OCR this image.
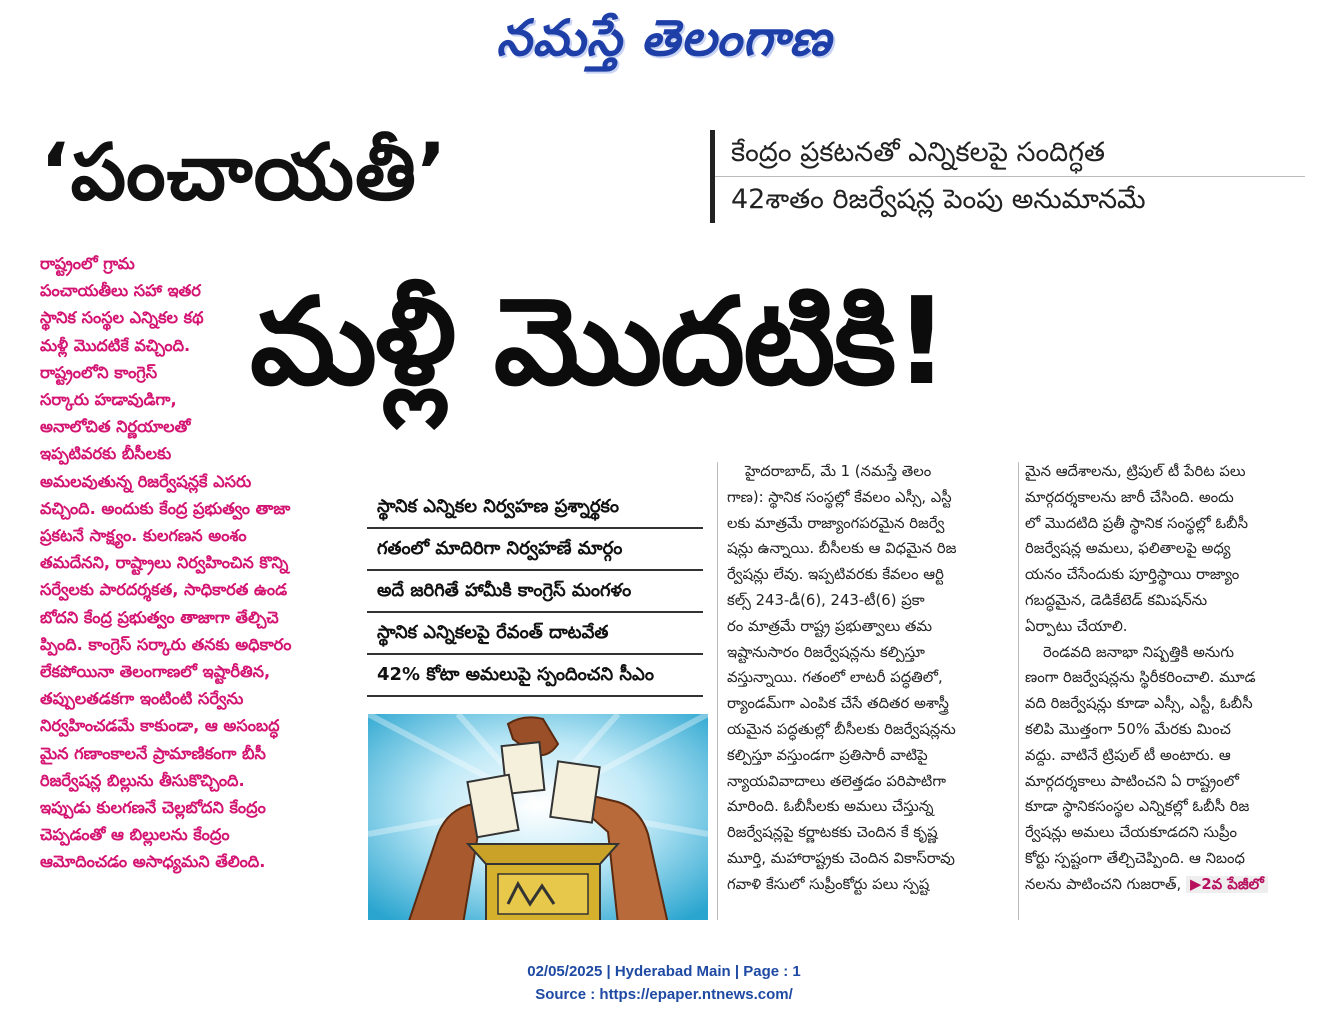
నమస్తే తెలంగాణ
‘పంచాయతీ’	కేంద్రం ప్రకటనతో ఎన్నికలపై సందిగ్ధత
42శాతం రిజర్వేషన్ల పెంపు అనుమానమే
మళ్లీ మొదటికి!
రాష్ట్రంలో గ్రామ
పంచాయతీలు సహా ఇతర
స్థానిక సంస్థల ఎన్నికల కథ
మళ్లీ మొదటికే వచ్చింది.
రాష్ట్రంలోని కాంగ్రెస్
సర్కారు హడావుడిగా,
అనాలోచిత నిర్ణయాలతో
ఇప్పటివరకు బీసీలకు
అమలవుతున్న రిజర్వేషన్లకే ఎసరు
వచ్చింది. అందుకు కేంద్ర ప్రభుత్వం తాజా
ప్రకటనే సాక్ష్యం. కులగణన అంశం
తమదేనని, రాష్ట్రాలు నిర్వహించిన కొన్ని
సర్వేలకు పారదర్శకత, సాధికారత ఉండ
బోదని కేంద్ర ప్రభుత్వం తాజాగా తేల్చిచె
ప్పింది. కాంగ్రెస్ సర్కారు తనకు అధికారం
లేకపోయినా తెలంగాణలో ఇష్టారీతిన,
తప్పులతడకగా ఇంటింటి సర్వేను
నిర్వహించడమే కాకుండా, ఆ అసంబద్ధ
మైన గణాంకాలనే ప్రామాణికంగా బీసీ
రిజర్వేషన్ల బిల్లును తీసుకొచ్చింది.
ఇప్పుడు కులగణనే చెల్లబోదని కేంద్రం
చెప్పడంతో ఆ బిల్లులను కేంద్రం
ఆమోదించడం అసాధ్యమని తేలింది.
స్థానిక ఎన్నికల నిర్వహణ ప్రశ్నార్థకం
గతంలో మాదిరిగా నిర్వహణే మార్గం
అదే జరిగితే హామీకి కాంగ్రెస్ మంగళం
స్థానిక ఎన్నికలపై రేవంత్ దాటవేత
42% కోటా అమలుపై స్పందించని సీఎం
హైదరాబాద్, మే 1 (నమస్తే తెలం
గాణ): స్థానిక సంస్థల్లో కేవలం ఎస్సీ, ఎస్టీ
లకు మాత్రమే రాజ్యాంగపరమైన రిజర్వే
షన్లు ఉన్నాయి. బీసీలకు ఆ విధమైన రిజ
ర్వేషన్లు లేవు. ఇప్పటివరకు కేవలం ఆర్టి
కల్స్ 243-డీ(6), 243-టీ(6) ప్రకా
రం మాత్రమే రాష్ట్ర ప్రభుత్వాలు తమ
ఇష్టానుసారం రిజర్వేషన్లను కల్పిస్తూ
వస్తున్నాయి. గతంలో లాటరీ పద్ధతిలో,
ర్యాండమ్‌గా ఎంపిక చేసే తదితర అశాస్త్రీ
యమైన పద్ధతుల్లో బీసీలకు రిజర్వేషన్లను
కల్పిస్తూ వస్తుండగా ప్రతిసారీ వాటిపై
న్యాయవివాదాలు తలెత్తడం పరిపాటిగా
మారింది. ఓబీసీలకు అమలు చేస్తున్న
రిజర్వేషన్లపై కర్ణాటకకు చెందిన కే కృష్ణ
మూర్తి, మహారాష్ట్రకు చెందిన వికాస్‌రావు
గవాళి కేసులో సుప్రీంకోర్టు పలు స్పష్ట
మైన ఆదేశాలను, ట్రిపుల్ టీ పేరిట పలు
మార్గదర్శకాలను జారీ చేసింది. అందు
లో మొదటిది ప్రతీ స్థానిక సంస్థల్లో ఓబీసీ
రిజర్వేషన్ల అమలు, ఫలితాలపై అధ్య
యనం చేసేందుకు పూర్తిస్థాయి రాజ్యాం
గబద్ధమైన, డెడికేటెడ్ కమిషన్‌ను
ఏర్పాటు చేయాలి.
రెండవది జనాభా నిష్పత్తికి అనుగు
ణంగా రిజర్వేషన్లను స్థిరీకరించాలి. మూడ
వది రిజర్వేషన్లు కూడా ఎస్సీ, ఎస్టీ, ఓబీసీ
కలిపి మొత్తంగా 50% మేరకు మించ
వద్దు. వాటినే ట్రిపుల్ టీ అంటారు. ఆ
మార్గదర్శకాలు పాటించని ఏ రాష్ట్రంలో
కూడా స్థానికసంస్థల ఎన్నికల్లో ఓబీసీ రిజ
ర్వేషన్లు అమలు చేయకూడదని సుప్రీం
కోర్టు స్పష్టంగా తేల్చిచెప్పింది. ఆ నిబంధ
నలను పాటించని గుజరాత్, ▶2వ పేజీలో
02/05/2025 | Hyderabad Main | Page : 1
Source : https://epaper.ntnews.com/
